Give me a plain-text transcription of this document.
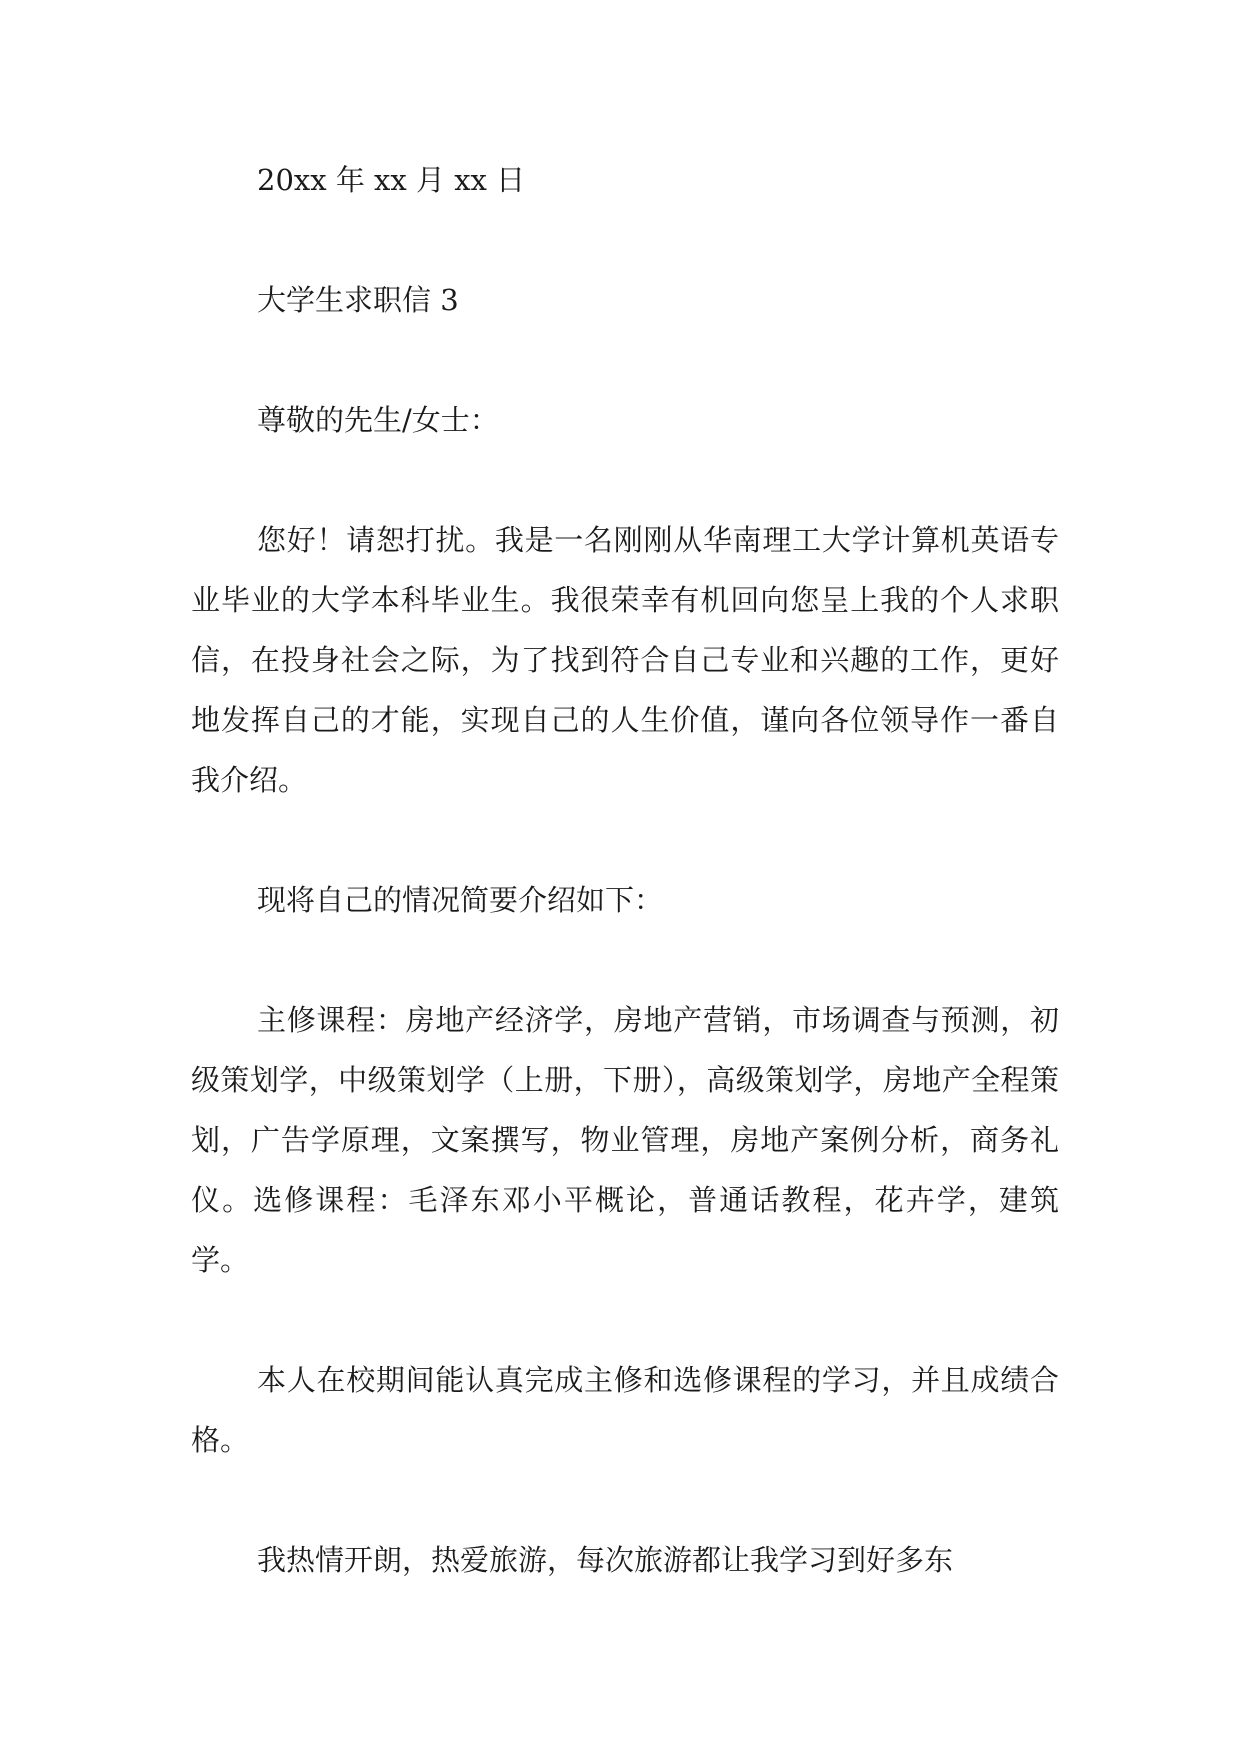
20xx 年 xx 月 xx 日

大学生求职信 3

尊敬的先生/女士：

您好！请恕打扰。我是一名刚刚从华南理工大学计算机英语专业毕业的大学本科毕业生。我很荣幸有机回向您呈上我的个人求职信，在投身社会之际，为了找到符合自己专业和兴趣的工作，更好地发挥自己的才能，实现自己的人生价值，谨向各位领导作一番自我介绍。

现将自己的情况简要介绍如下：

主修课程：房地产经济学，房地产营销，市场调查与预测，初级策划学，中级策划学（上册，下册），高级策划学，房地产全程策划，广告学原理，文案撰写，物业管理，房地产案例分析，商务礼仪。选修课程：毛泽东邓小平概论，普通话教程，花卉学，建筑学。

本人在校期间能认真完成主修和选修课程的学习，并且成绩合格。

我热情开朗，热爱旅游，每次旅游都让我学习到好多东
